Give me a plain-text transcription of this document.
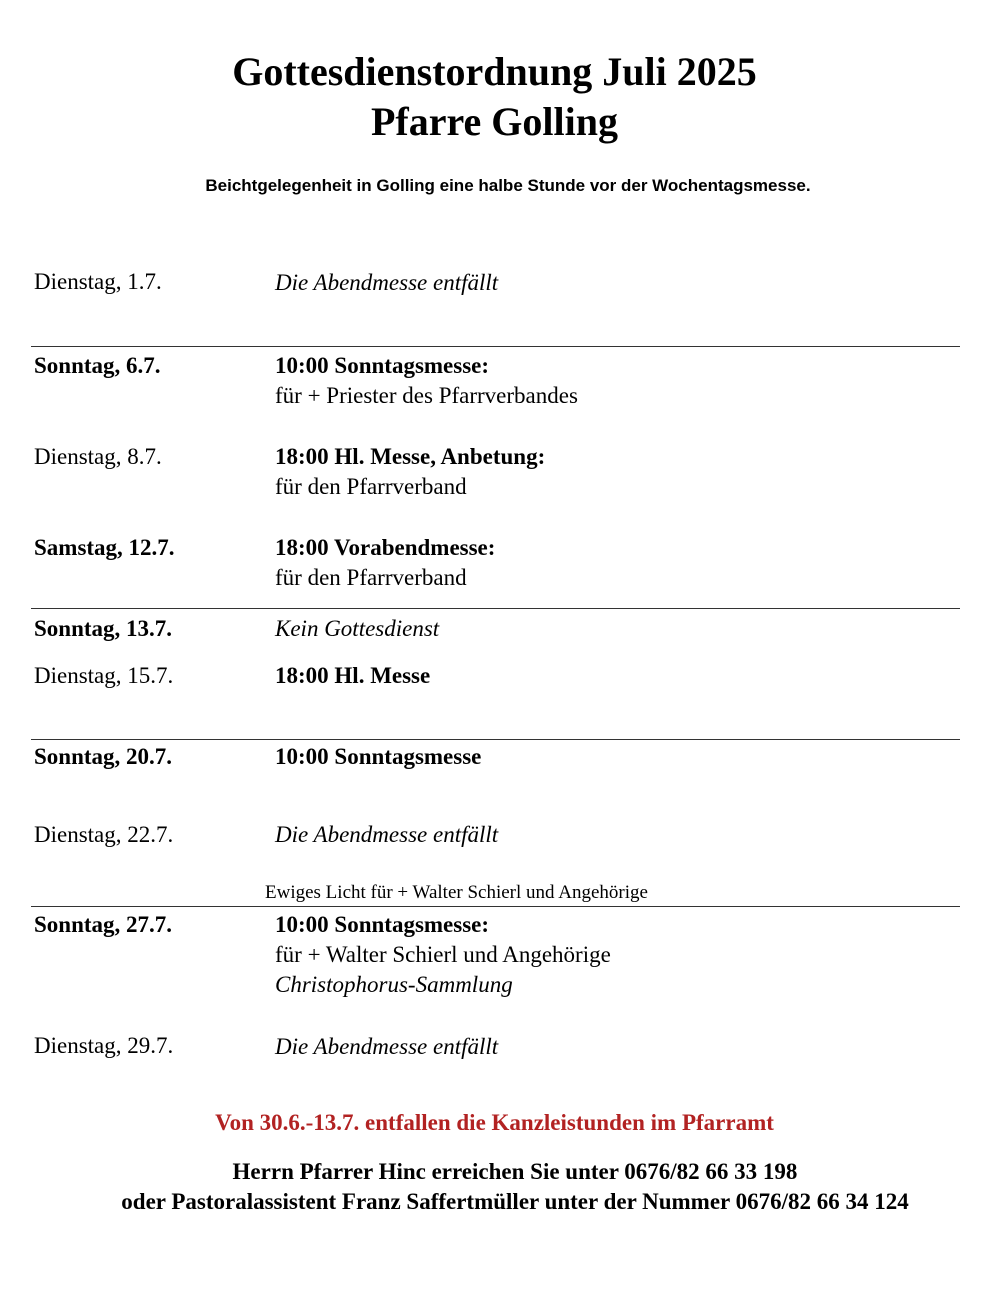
Gottesdienstordnung Juli 2025
Pfarre Golling
Beichtgelegenheit in Golling eine halbe Stunde vor der Wochentagsmesse.
Dienstag, 1.7.	Die Abendmesse entfällt
Sonntag, 6.7.	10:00 Sonntagsmesse:
für + Priester des Pfarrverbandes
Dienstag, 8.7.	18:00 Hl. Messe, Anbetung:
für den Pfarrverband
Samstag, 12.7.	18:00 Vorabendmesse:
für den Pfarrverband
Sonntag, 13.7.	Kein Gottesdienst
Dienstag, 15.7.	18:00 Hl. Messe
Sonntag, 20.7.	10:00 Sonntagsmesse
Dienstag, 22.7.	Die Abendmesse entfällt
Ewiges Licht für + Walter Schierl und Angehörige
Sonntag, 27.7.	10:00 Sonntagsmesse:
für + Walter Schierl und Angehörige
Christophorus-Sammlung
Dienstag, 29.7.	Die Abendmesse entfällt
Von 30.6.-13.7. entfallen die Kanzleistunden im Pfarramt
Herrn Pfarrer Hinc erreichen Sie unter 0676/82 66 33 198
oder Pastoralassistent Franz Saffertmüller unter der Nummer 0676/82 66 34 124
